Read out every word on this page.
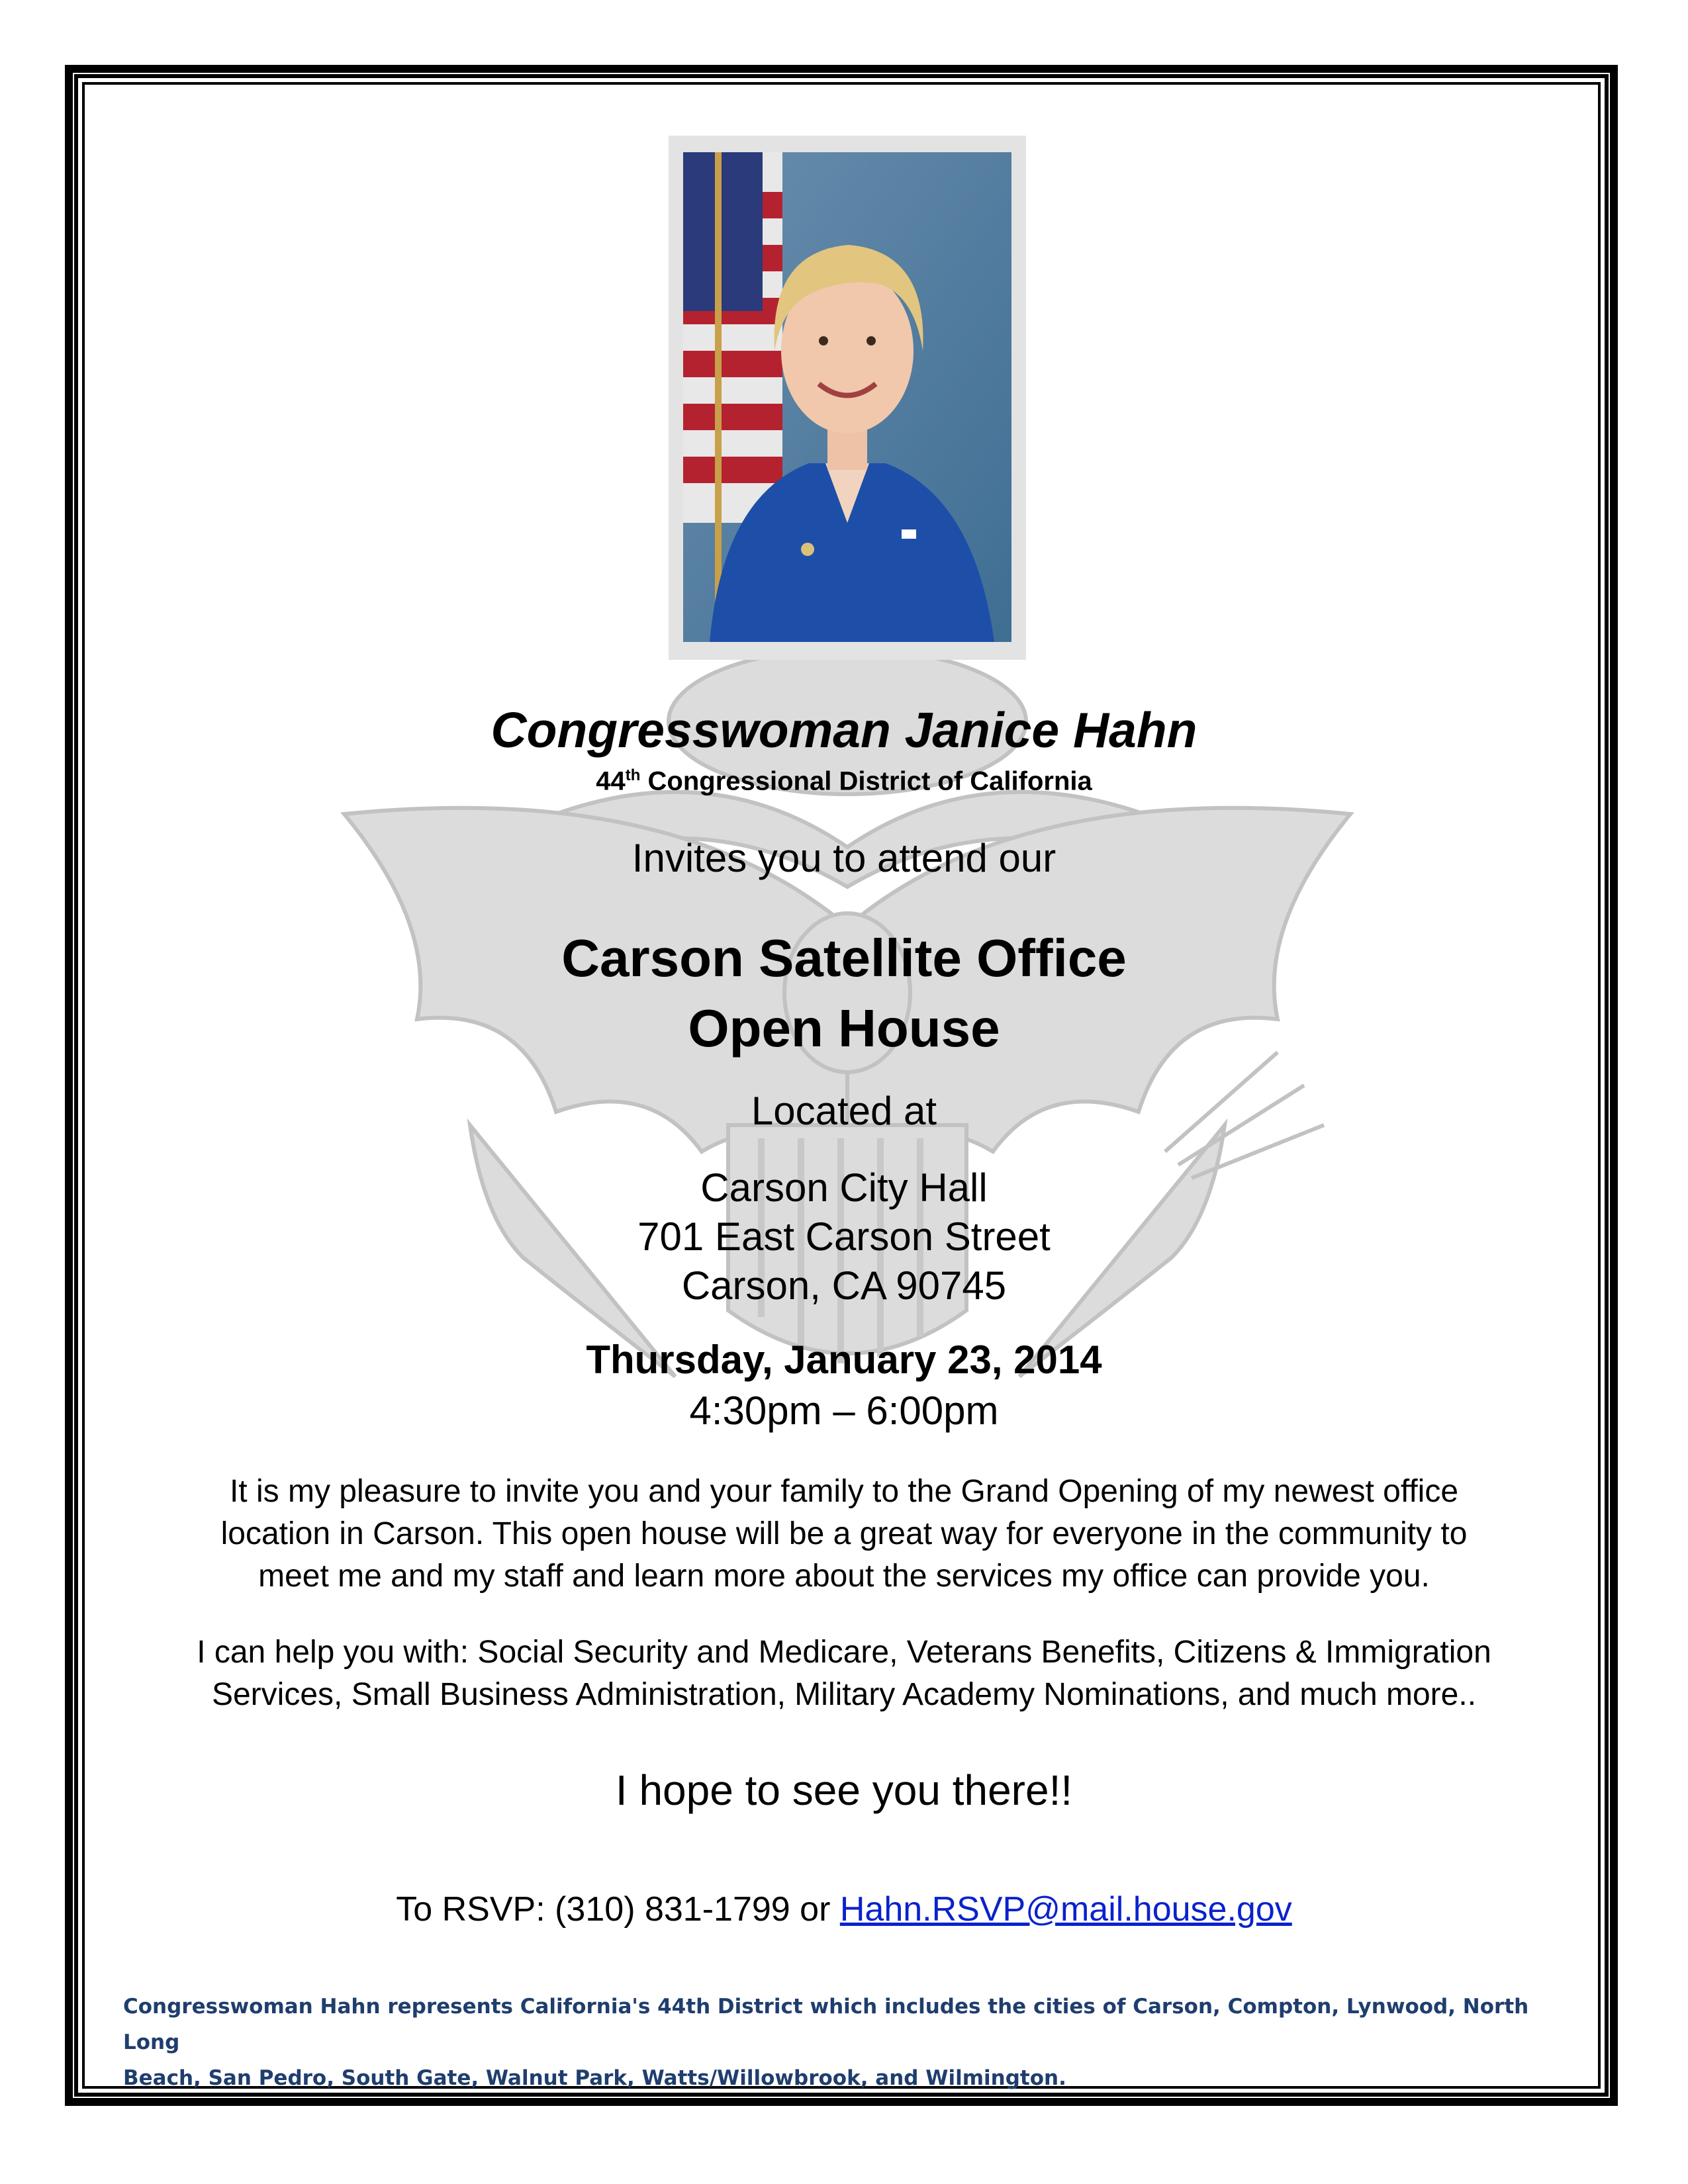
Congresswoman Janice Hahn
44th Congressional District of California
Invites you to attend our
Carson Satellite Office
Open House
Located at
Carson City Hall
701 East Carson Street
Carson, CA 90745
Thursday, January 23, 2014
4:30pm – 6:00pm
It is my pleasure to invite you and your family to the Grand Opening of my newest office
location in Carson. This open house will be a great way for everyone in the community to
meet me and my staff and learn more about the services my office can provide you.
I can help you with: Social Security and Medicare, Veterans Benefits, Citizens & Immigration
Services, Small Business Administration, Military Academy Nominations, and much more..
I hope to see you there!!
To RSVP: (310) 831-1799 or Hahn.RSVP@mail.house.gov
Congresswoman Hahn represents California's 44th District which includes the cities of Carson, Compton, Lynwood, North Long
Beach, San Pedro, South Gate, Walnut Park, Watts/Willowbrook, and Wilmington.
